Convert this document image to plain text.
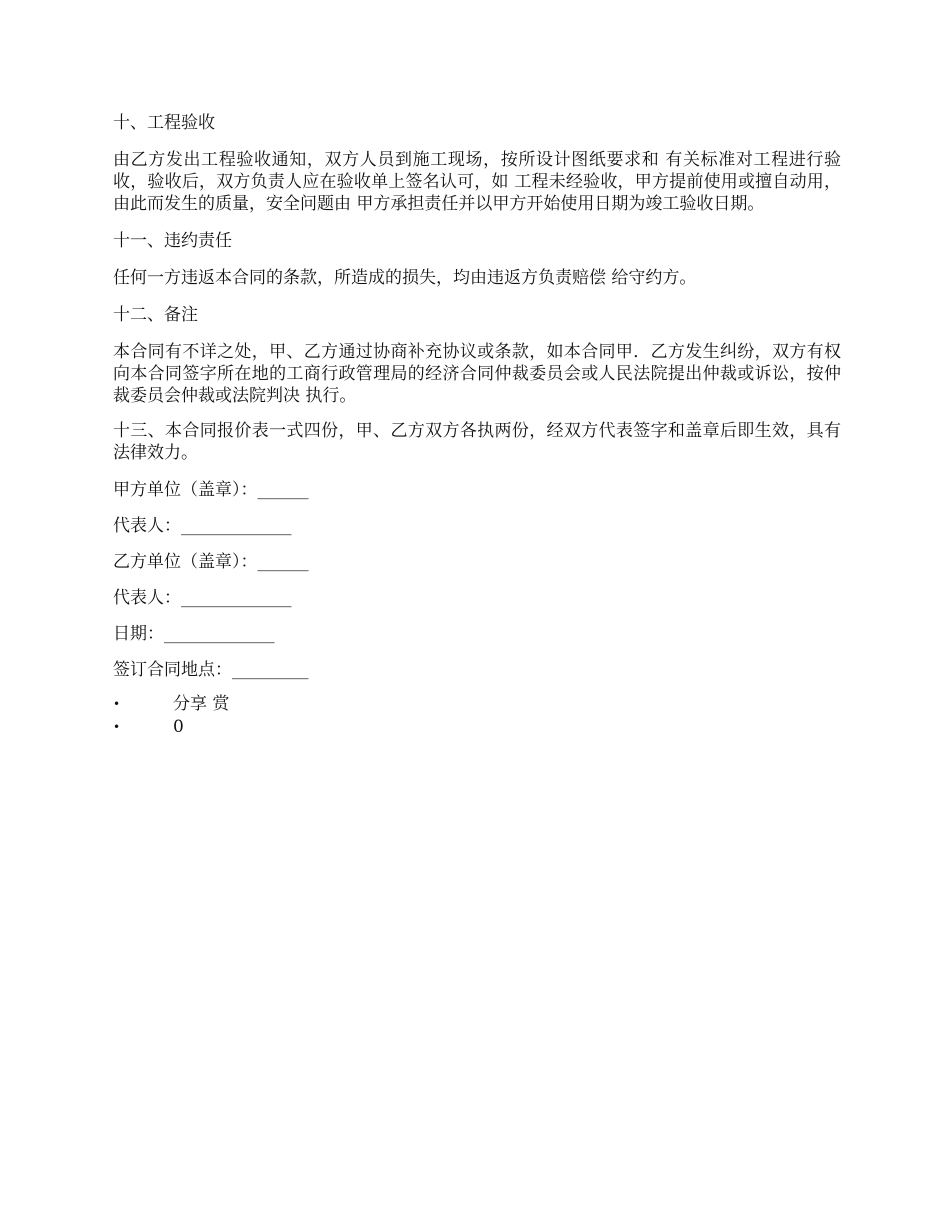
十、工程验收

由乙方发出工程验收通知，双方人员到施工现场，按所设计图纸要求和 有关标准对工程进行验收，验收后，双方负责人应在验收单上签名认可，如 工程未经验收，甲方提前使用或擅自动用，由此而发生的质量，安全问题由 甲方承担责任并以甲方开始使用日期为竣工验收日期。

十一、违约责任

任何一方违返本合同的条款，所造成的损失，均由违返方负责赔偿 给守约方。

十二、备注

本合同有不详之处，甲、乙方通过协商补充协议或条款，如本合同甲．乙方发生纠纷，双方有权向本合同签字所在地的工商行政管理局的经济合同仲裁委员会或人民法院提出仲裁或诉讼，按仲裁委员会仲裁或法院判决 执行。

十三、本合同报价表一式四份，甲、乙方双方各执两份，经双方代表签字和盖章后即生效，具有法律效力。

甲方单位（盖章）：______
代表人：_____________
乙方单位（盖章）：______
代表人：_____________
日期：_____________
签订合同地点：_________
•	分享 赏
•	0
